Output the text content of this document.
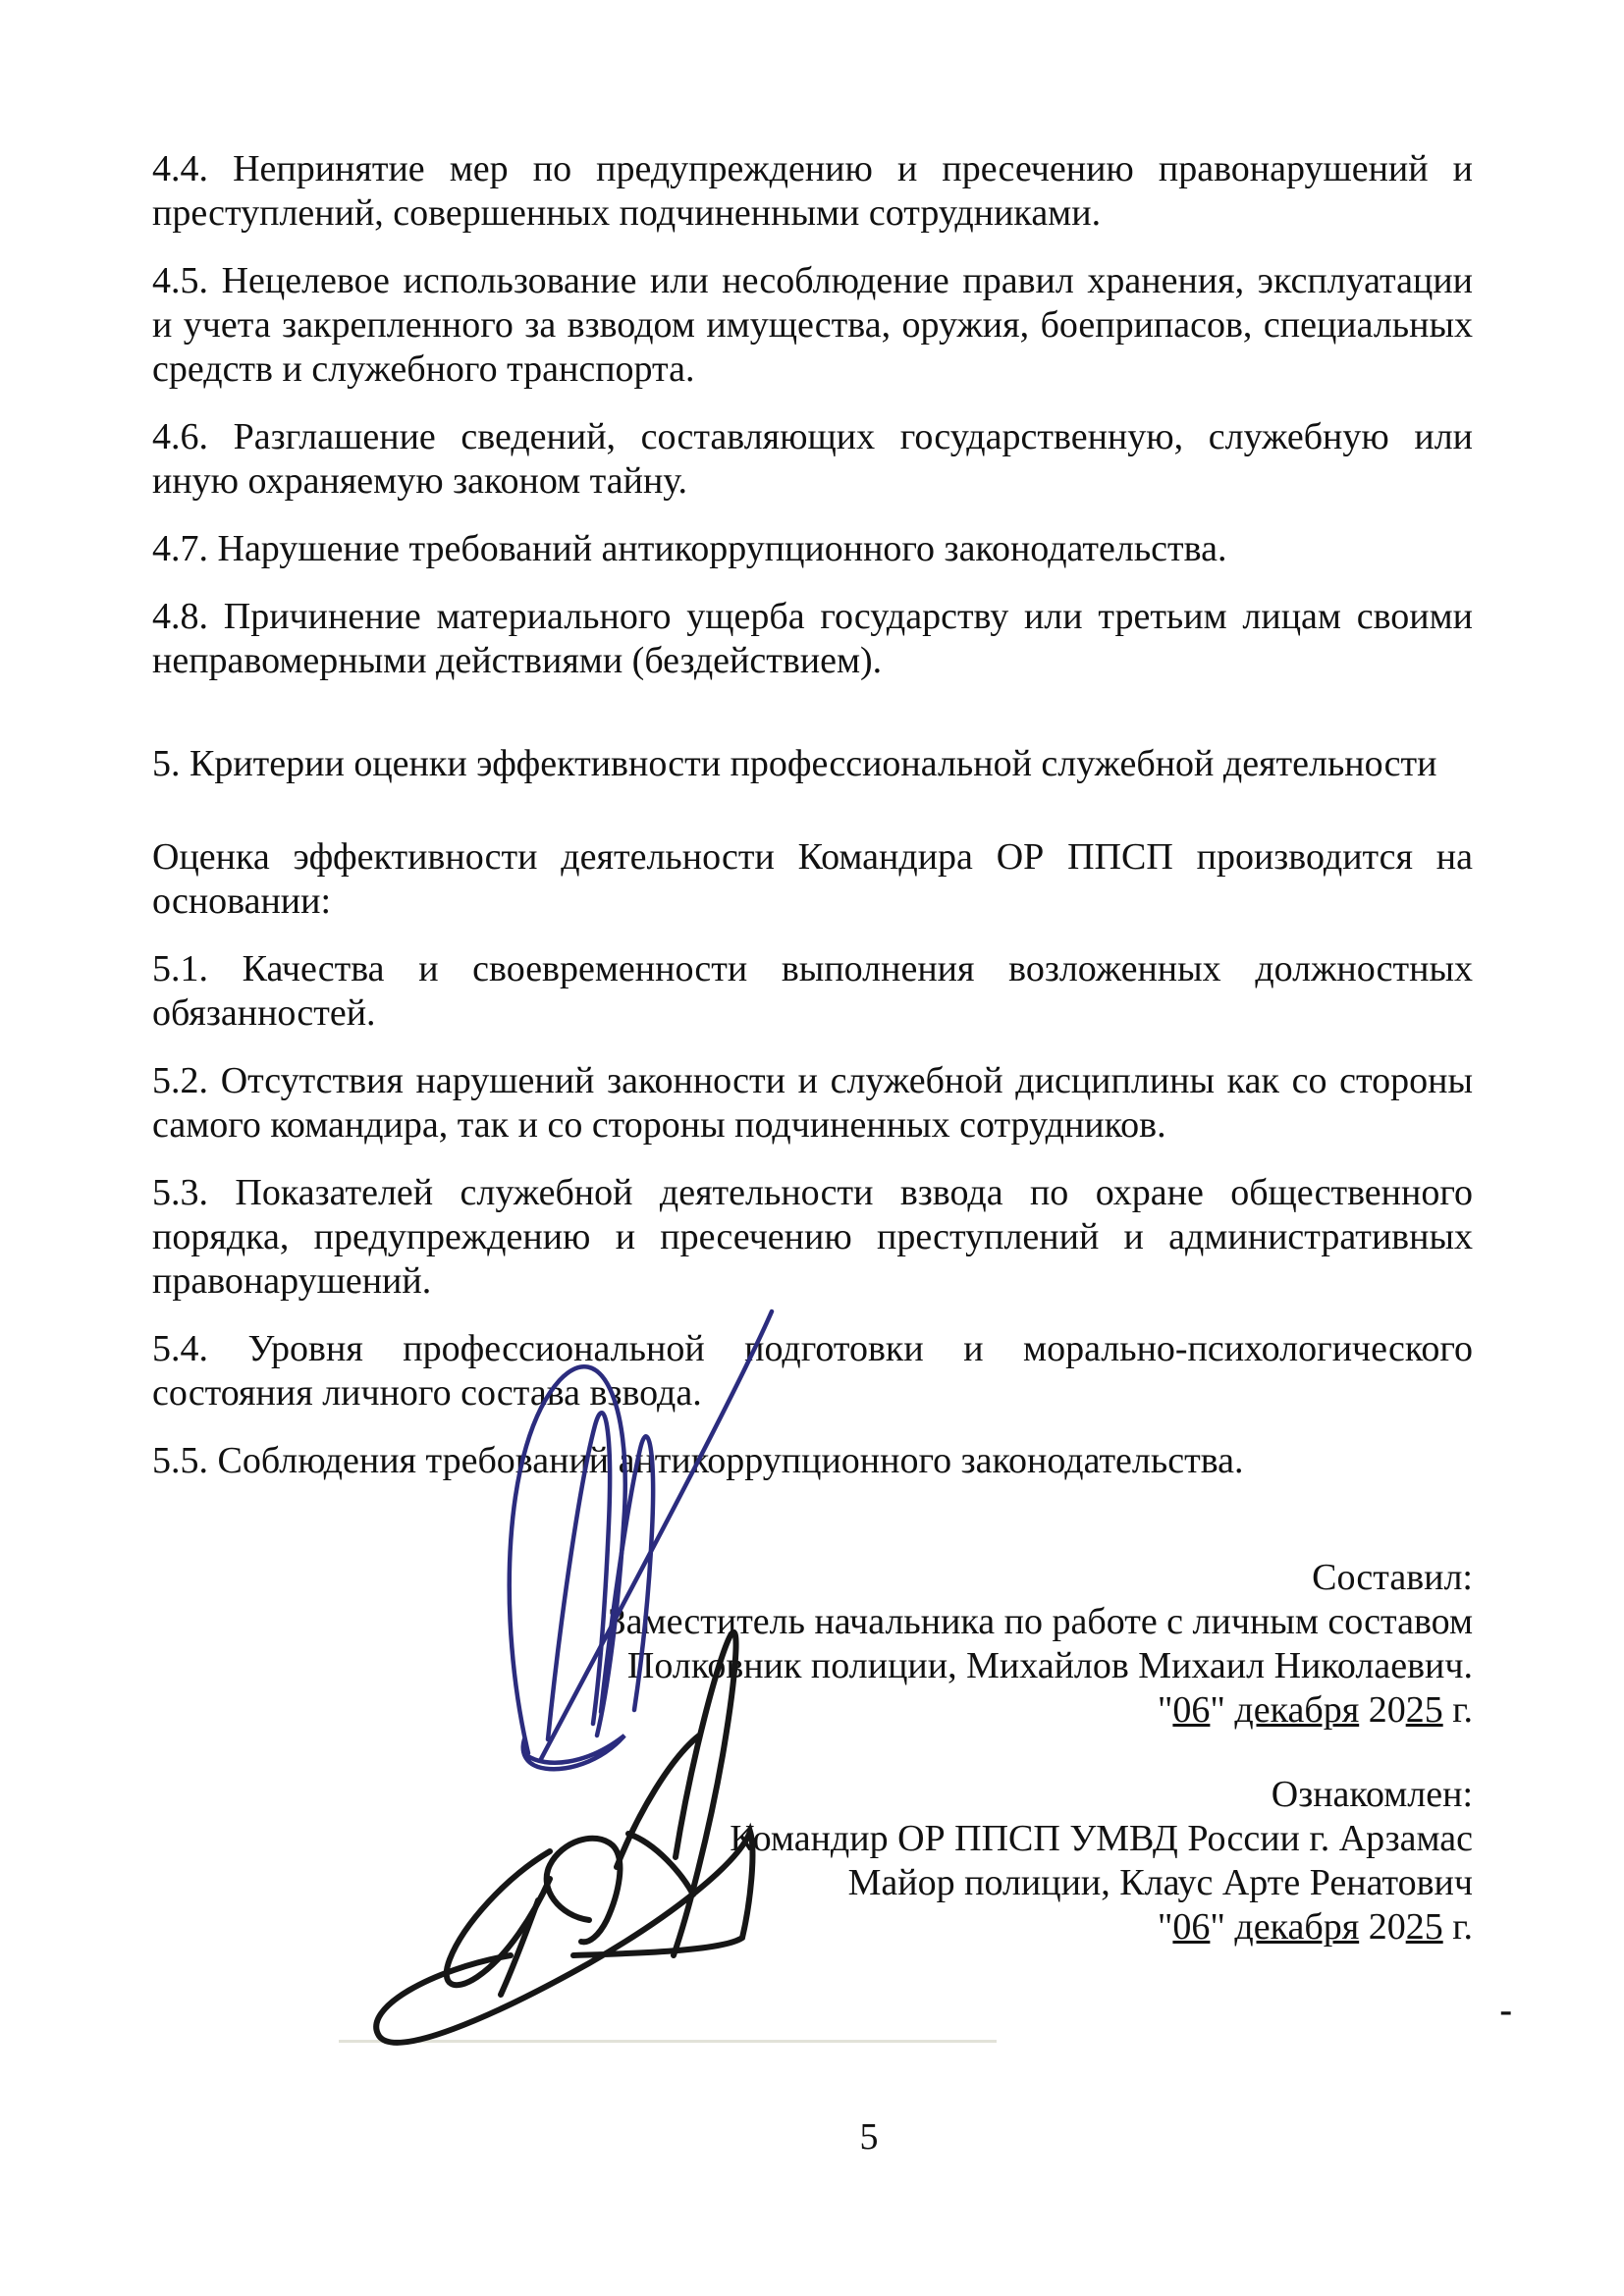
4.4. Непринятие мер по предупреждению и пресечению правонарушений и преступлений, совершенных подчиненными сотрудниками.

4.5. Нецелевое использование или несоблюдение правил хранения, эксплуатации и учета закрепленного за взводом имущества, оружия, боеприпасов, специальных средств и служебного транспорта.

4.6. Разглашение сведений, составляющих государственную, служебную или иную охраняемую законом тайну.

4.7. Нарушение требований антикоррупционного законодательства.

4.8. Причинение материального ущерба государству или третьим лицам своими неправомерными действиями (бездействием).

5. Критерии оценки эффективности профессиональной служебной деятельности

Оценка эффективности деятельности Командира ОР ППСП производится на основании:

5.1. Качества и своевременности выполнения возложенных должностных обязанностей.

5.2. Отсутствия нарушений законности и служебной дисциплины как со стороны самого командира, так и со стороны подчиненных сотрудников.

5.3. Показателей служебной деятельности взвода по охране общественного порядка, предупреждению и пресечению преступлений и административных правонарушений.

5.4. Уровня профессиональной подготовки и морально-психологического состояния личного состава взвода.

5.5. Соблюдения требований антикоррупционного законодательства.

Составил:
Заместитель начальника по работе с личным составом
Полковник полиции, Михайлов Михаил Николаевич.
"06" декабря 2025 г.
Ознакомлен:
Командир ОР ППСП УМВД России г. Арзамас
Майор полиции, Клаус Арте Ренатович
"06" декабря 2025 г.
-
5
